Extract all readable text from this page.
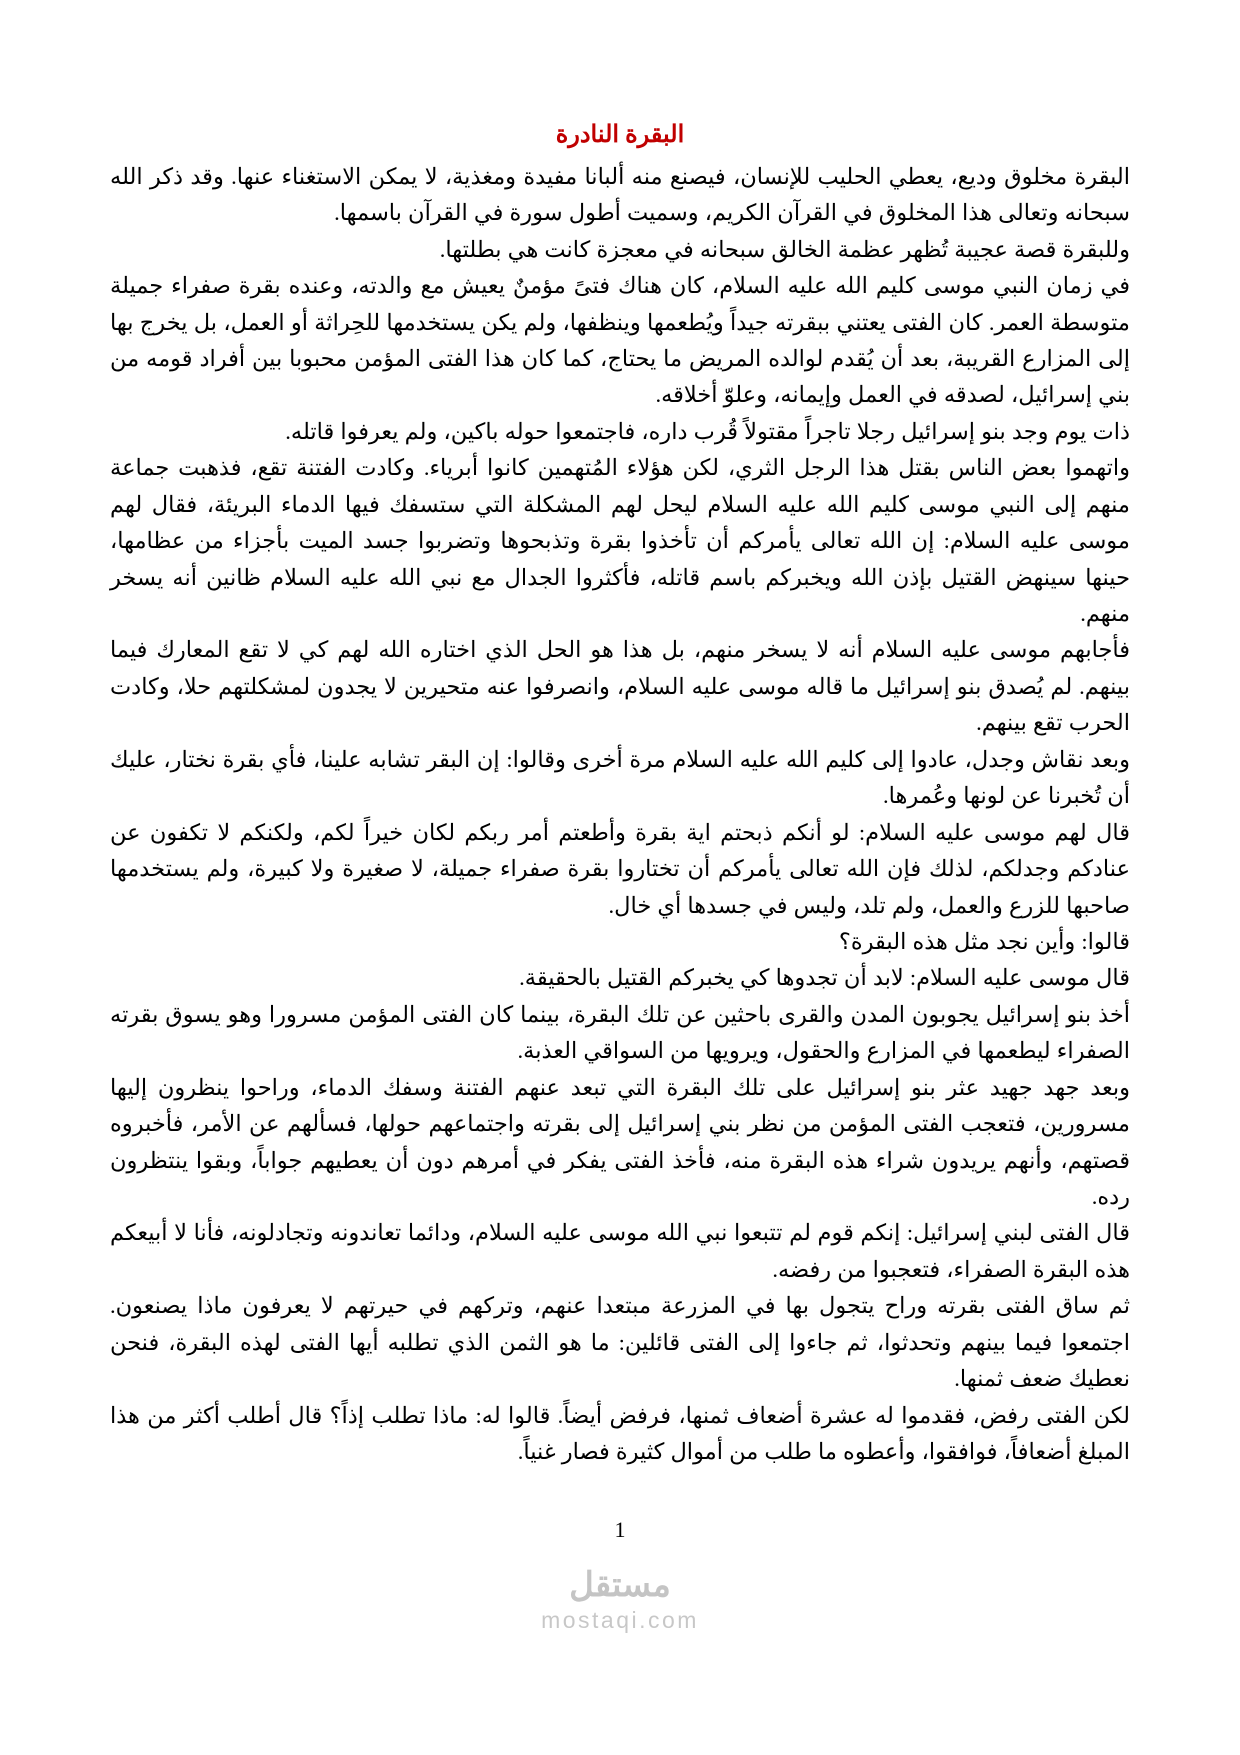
البقرة النادرة

البقرة مخلوق وديع، يعطي الحليب للإنسان، فيصنع منه ألبانا مفيدة ومغذية، لا يمكن الاستغناء عنها. وقد ذكر الله سبحانه وتعالى هذا المخلوق في القرآن الكريم، وسميت أطول سورة في القرآن باسمها.

وللبقرة قصة عجيبة تُظهر عظمة الخالق سبحانه في معجزة كانت هي بطلتها.

في زمان النبي موسى كليم الله عليه السلام، كان هناك فتىً مؤمنٌ يعيش مع والدته، وعنده بقرة صفراء جميلة متوسطة العمر. كان الفتى يعتني ببقرته جيداً ويُطعمها وينظفها، ولم يكن يستخدمها للحِراثة أو العمل، بل يخرج بها إلى المزارع القريبة، بعد أن يُقدم لوالده المريض ما يحتاج، كما كان هذا الفتى المؤمن محبوبا بين أفراد قومه من بني إسرائيل، لصدقه في العمل وإيمانه، وعلوّ أخلاقه.

ذات يوم وجد بنو إسرائيل رجلا تاجراً مقتولاً قُرب داره، فاجتمعوا حوله باكين، ولم يعرفوا قاتله.

واتهموا بعض الناس بقتل هذا الرجل الثري، لكن هؤلاء المُتهمين كانوا أبرياء. وكادت الفتنة تقع، فذهبت جماعة منهم إلى النبي موسى كليم الله عليه السلام ليحل لهم المشكلة التي ستسفك فيها الدماء البريئة، فقال لهم موسى عليه السلام: إن الله تعالى يأمركم أن تأخذوا بقرة وتذبحوها وتضربوا جسد الميت بأجزاء من عظامها، حينها سينهض القتيل بإذن الله ويخبركم باسم قاتله، فأكثروا الجدال مع نبي الله عليه السلام ظانين أنه يسخر منهم.

فأجابهم موسى عليه السلام أنه لا يسخر منهم، بل هذا هو الحل الذي اختاره الله لهم كي لا تقع المعارك فيما بينهم. لم يُصدق بنو إسرائيل ما قاله موسى عليه السلام، وانصرفوا عنه متحيرين لا يجدون لمشكلتهم حلا، وكادت الحرب تقع بينهم.

وبعد نقاش وجدل، عادوا إلى كليم الله عليه السلام مرة أخرى وقالوا: إن البقر تشابه علينا، فأي بقرة نختار، عليك أن تُخبرنا عن لونها وعُمرها.

قال لهم موسى عليه السلام: لو أنكم ذبحتم اية بقرة وأطعتم أمر ربكم لكان خيراً لكم، ولكنكم لا تكفون عن عنادكم وجدلكم، لذلك فإن الله تعالى يأمركم أن تختاروا بقرة صفراء جميلة، لا صغيرة ولا كبيرة، ولم يستخدمها صاحبها للزرع والعمل، ولم تلد، وليس في جسدها أي خال.

قالوا: وأين نجد مثل هذه البقرة؟

قال موسى عليه السلام: لابد أن تجدوها كي يخبركم القتيل بالحقيقة.

أخذ بنو إسرائيل يجوبون المدن والقرى باحثين عن تلك البقرة، بينما كان الفتى المؤمن مسرورا وهو يسوق بقرته الصفراء ليطعمها في المزارع والحقول، ويرويها من السواقي العذبة.

وبعد جهد جهيد عثر بنو إسرائيل على تلك البقرة التي تبعد عنهم الفتنة وسفك الدماء، وراحوا ينظرون إليها مسرورين، فتعجب الفتى المؤمن من نظر بني إسرائيل إلى بقرته واجتماعهم حولها، فسألهم عن الأمر، فأخبروه قصتهم، وأنهم يريدون شراء هذه البقرة منه، فأخذ الفتى يفكر في أمرهم دون أن يعطيهم جواباً، وبقوا ينتظرون رده.

قال الفتى لبني إسرائيل: إنكم قوم لم تتبعوا نبي الله موسى عليه السلام، ودائما تعاندونه وتجادلونه، فأنا لا أبيعكم هذه البقرة الصفراء، فتعجبوا من رفضه.

ثم ساق الفتى بقرته وراح يتجول بها في المزرعة مبتعدا عنهم، وتركهم في حيرتهم لا يعرفون ماذا يصنعون. اجتمعوا فيما بينهم وتحدثوا، ثم جاءوا إلى الفتى قائلين: ما هو الثمن الذي تطلبه أيها الفتى لهذه البقرة، فنحن نعطيك ضعف ثمنها.

لكن الفتى رفض، فقدموا له عشرة أضعاف ثمنها، فرفض أيضاً. قالوا له: ماذا تطلب إذاً؟ قال أطلب أكثر من هذا المبلغ أضعافاً، فوافقوا، وأعطوه ما طلب من أموال كثيرة فصار غنياً.

1
مستقل
mostaqi.com
